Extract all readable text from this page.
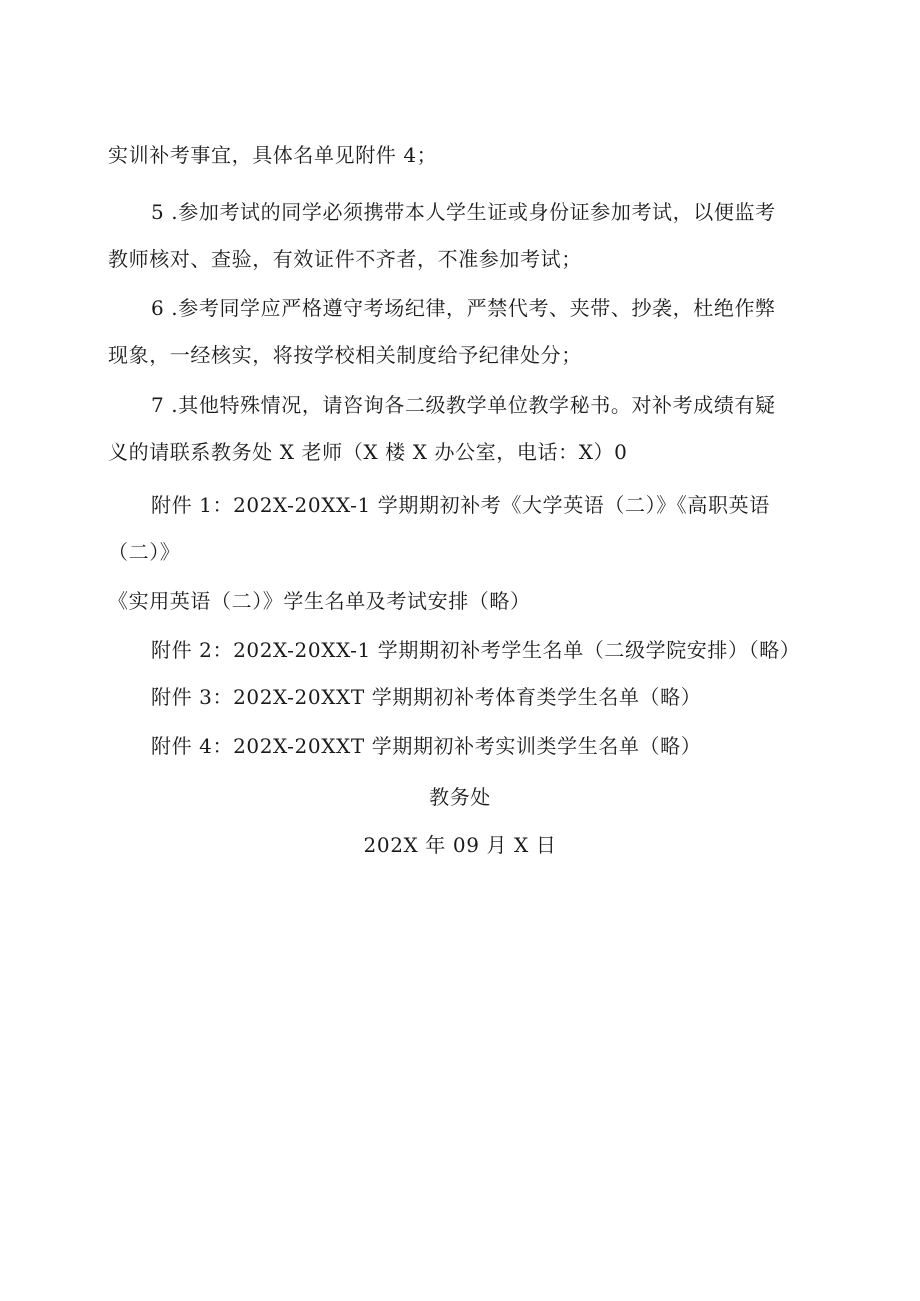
实训补考事宜，具体名单见附件 4；
5 .参加考试的同学必须携带本人学生证或身份证参加考试，以便监考
教师核对、查验，有效证件不齐者，不准参加考试；
6 .参考同学应严格遵守考场纪律，严禁代考、夹带、抄袭，杜绝作弊
现象，一经核实，将按学校相关制度给予纪律处分；
7 .其他特殊情况，请咨询各二级教学单位教学秘书。对补考成绩有疑
义的请联系教务处 X 老师（X 楼 X 办公室，电话：X）0
附件 1：202X-20XX-1 学期期初补考《大学英语（二）》《高职英语
（二）》
《实用英语（二）》学生名单及考试安排（略）
附件 2：202X-20XX-1 学期期初补考学生名单（二级学院安排）（略）
附件 3：202X-20XXT 学期期初补考体育类学生名单（略）
附件 4：202X-20XXT 学期期初补考实训类学生名单（略）
教务处
202X 年 09 月 X 日
